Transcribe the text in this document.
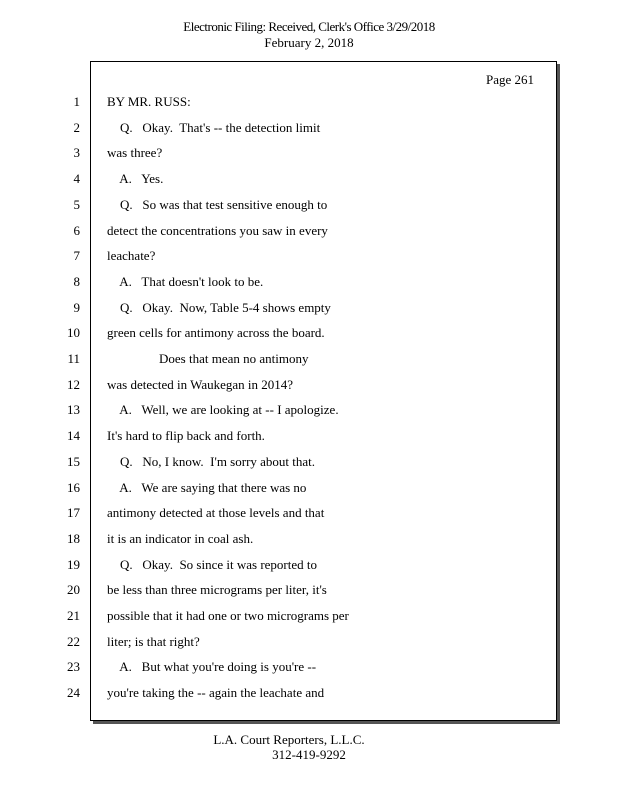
Electronic Filing: Received, Clerk's Office 3/29/2018
February 2, 2018
Page 261
1 BY MR. RUSS:
2 Q.   Okay.  That's -- the detection limit
3 was three?
4 A.   Yes.
5 Q.   So was that test sensitive enough to
6 detect the concentrations you saw in every
7 leachate?
8 A.   That doesn't look to be.
9 Q.   Okay.  Now, Table 5-4 shows empty
10 green cells for antimony across the board.
11 Does that mean no antimony
12 was detected in Waukegan in 2014?
13 A.   Well, we are looking at -- I apologize.
14 It's hard to flip back and forth.
15 Q.   No, I know.  I'm sorry about that.
16 A.   We are saying that there was no
17 antimony detected at those levels and that
18 it is an indicator in coal ash.
19 Q.   Okay.  So since it was reported to
20 be less than three micrograms per liter, it's
21 possible that it had one or two micrograms per
22 liter; is that right?
23 A.   But what you're doing is you're --
24 you're taking the -- again the leachate and
L.A. Court Reporters, L.L.C.
312-419-9292
